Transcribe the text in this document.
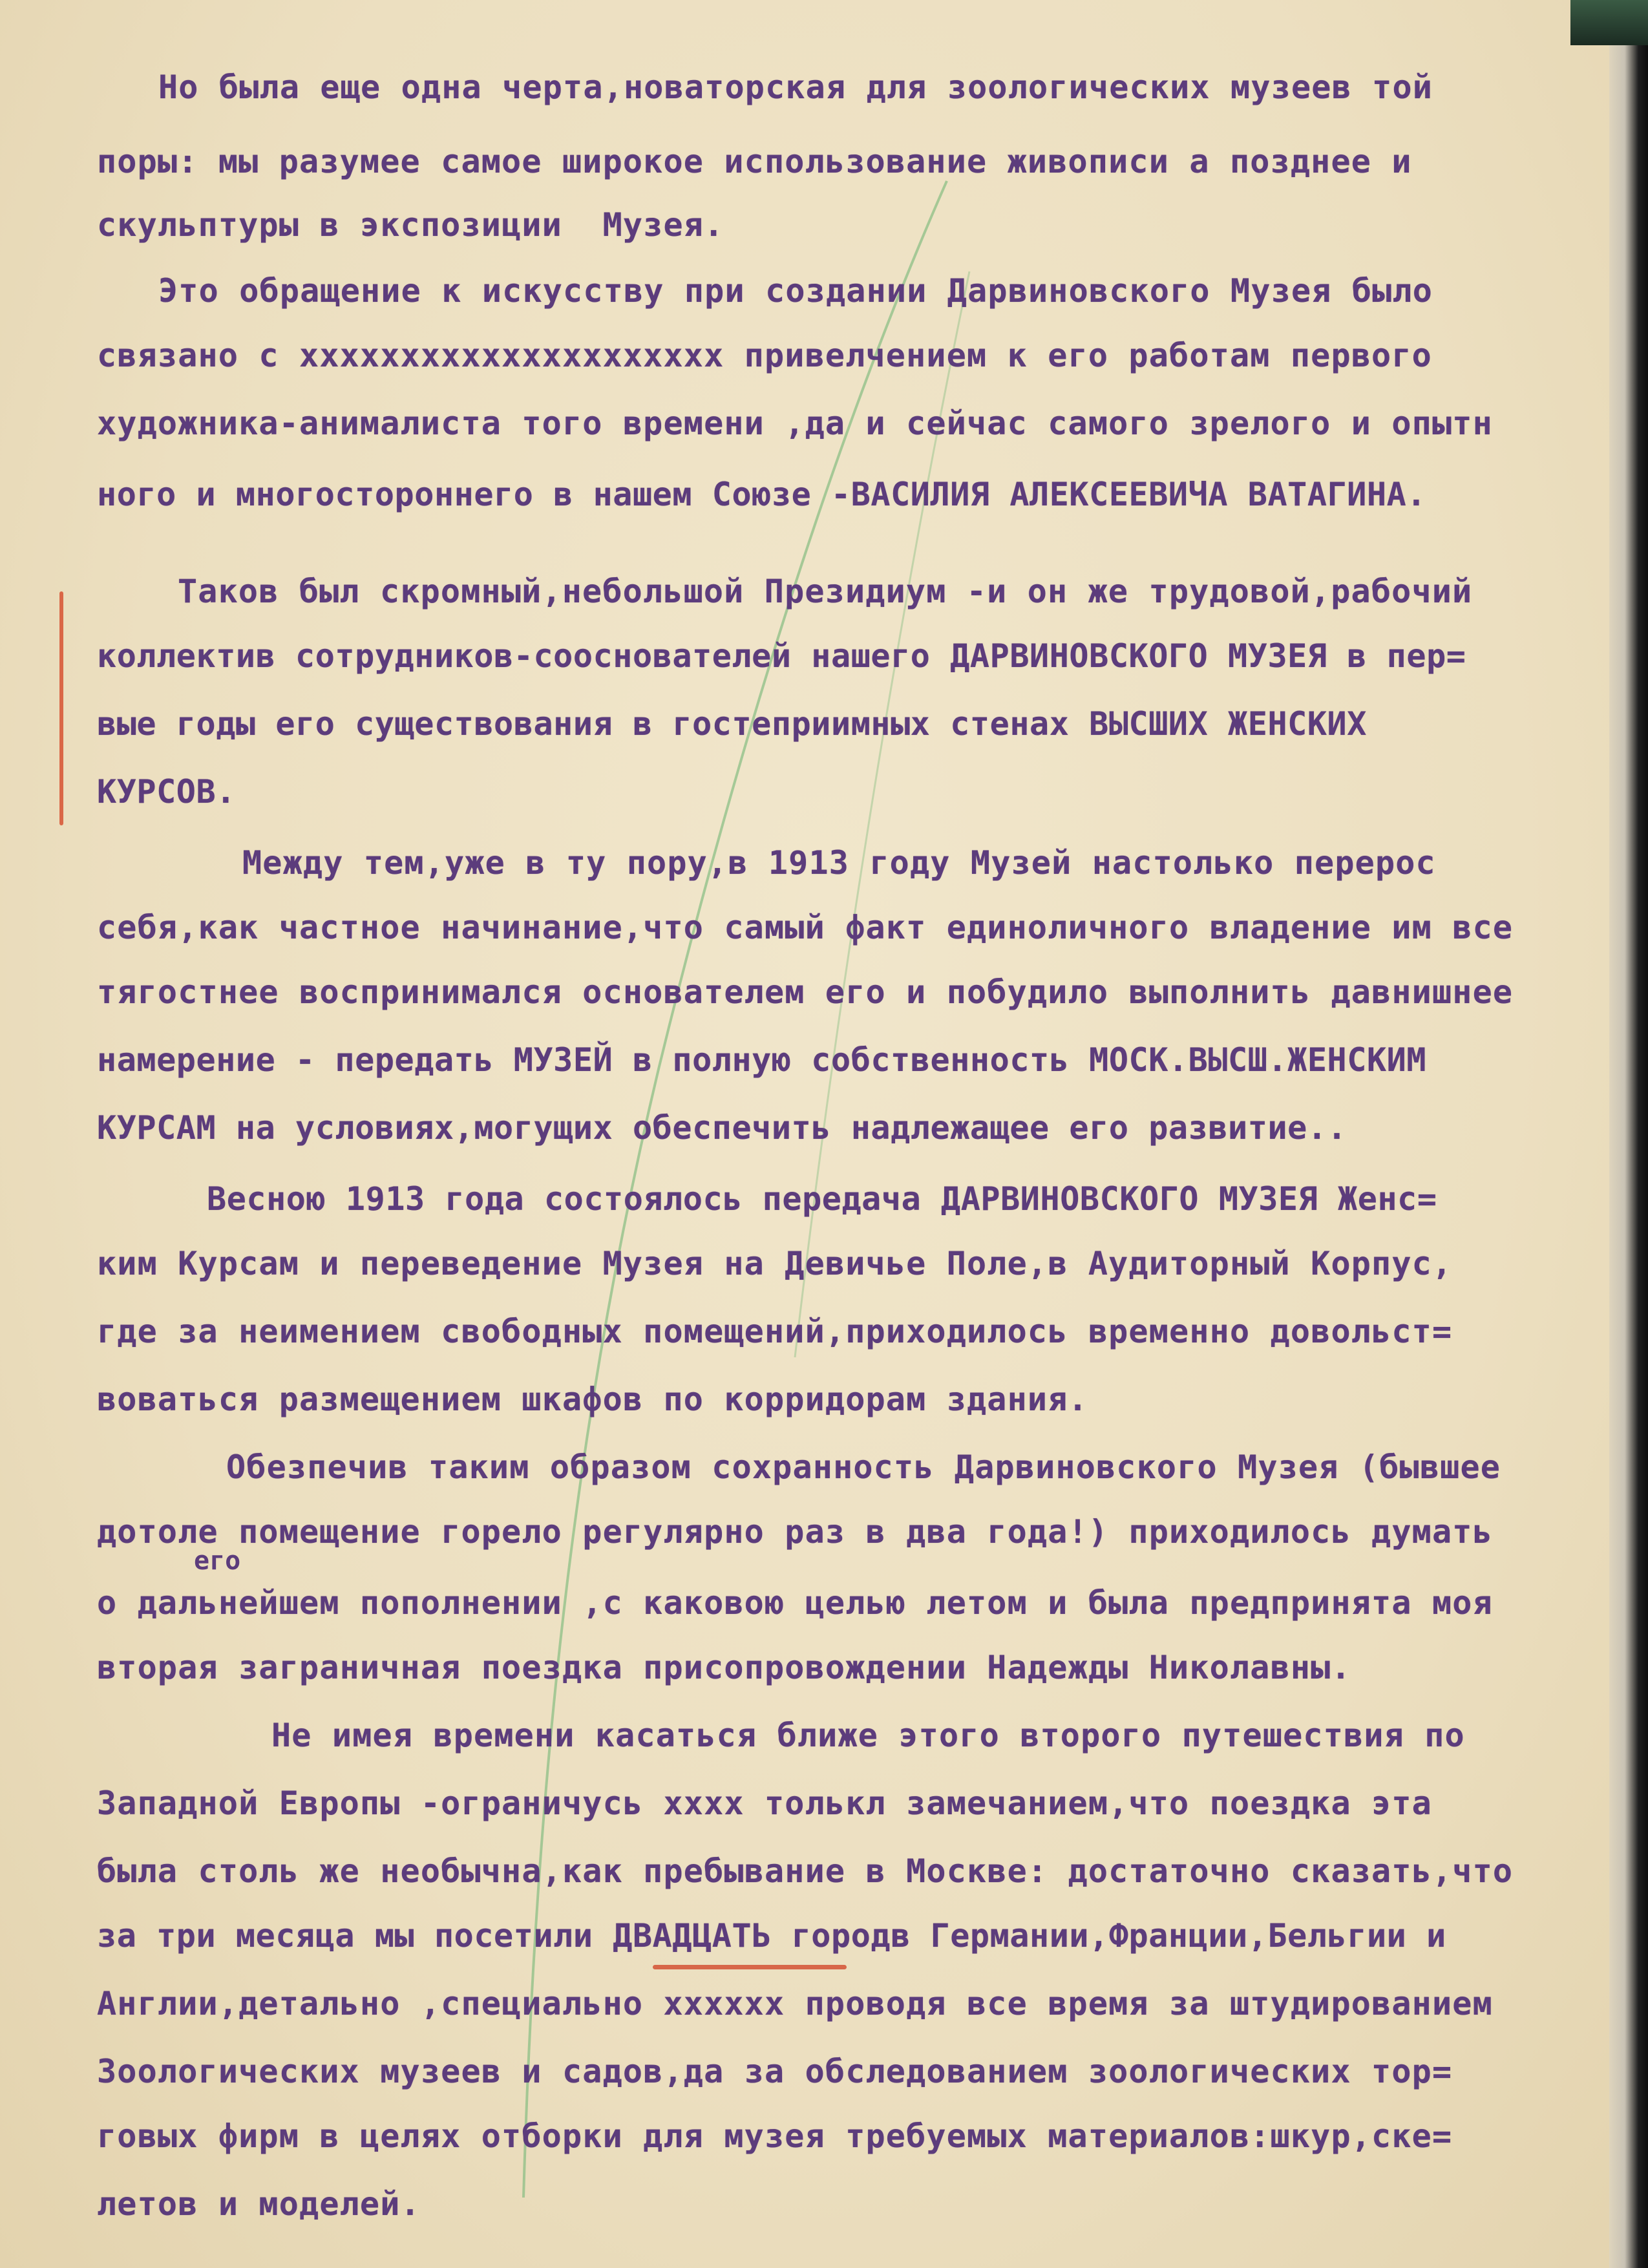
Но была еще одна черта,новаторская для зоологических музеев той
поры: мы разумее самое широкое использование живописи а позднее и
скульптуры в экспозиции  Музея.
Это обращение к искусству при создании Дарвиновского Музея было
связано с ххххххххххххххххххххх привелчением к его работам первого
художника-анималиста того времени ,да и сейчас самого зрелого и опытн
ного и многостороннего в нашем Союзе -ВАСИЛИЯ АЛЕКСЕЕВИЧА ВАТАГИНА.
Таков был скромный,небольшой Президиум -и он же трудовой,рабочий
коллектив сотрудников-сооснователей нашего ДАРВИНОВСКОГО МУЗЕЯ в пер=
вые годы его существования в гостеприимных стенах ВЫСШИХ ЖЕНСКИХ
КУРСОВ.
Между тем,уже в ту пору,в 1913 году Музей настолько перерос
себя,как частное начинание,что самый факт единоличного владение им все
тягостнее воспринимался основателем его и побудило выполнить давнишнее
намерение - передать МУЗЕЙ в полную собственность МОСК.ВЫСШ.ЖЕНСКИМ
КУРСАМ на условиях,могущих обеспечить надлежащее его развитие..
Весною 1913 года состоялось передача ДАРВИНОВСКОГО МУЗЕЯ Женс=
ким Курсам и переведение Музея на Девичье Поле,в Аудиторный Корпус,
где за неимением свободных помещений,приходилось временно довольст=
воваться размещением шкафов по корридорам здания.
Обезпечив таким образом сохранность Дарвиновского Музея (бывшее
дотоле помещение горело регулярно раз в два года!) приходилось думать
его
о дальнейшем пополнении ,с каковою целью летом и была предпринята моя
вторая заграничная поездка присопровождении Надежды Николавны.
Не имея времени касаться ближе этого второго путешествия по
Западной Европы -ограничусь хххх толькл замечанием,что поездка эта
была столь же необычна,как пребывание в Москве: достаточно сказать,что
за три месяца мы посетили ДВАДЦАТЬ городв Германии,Франции,Бельгии и
Англии,детально ,специально хххххх проводя все время за штудированием
Зоологических музеев и садов,да за обследованием зоологических тор=
говых фирм в целях отборки для музея требуемых материалов:шкур,ске=
летов и моделей.
